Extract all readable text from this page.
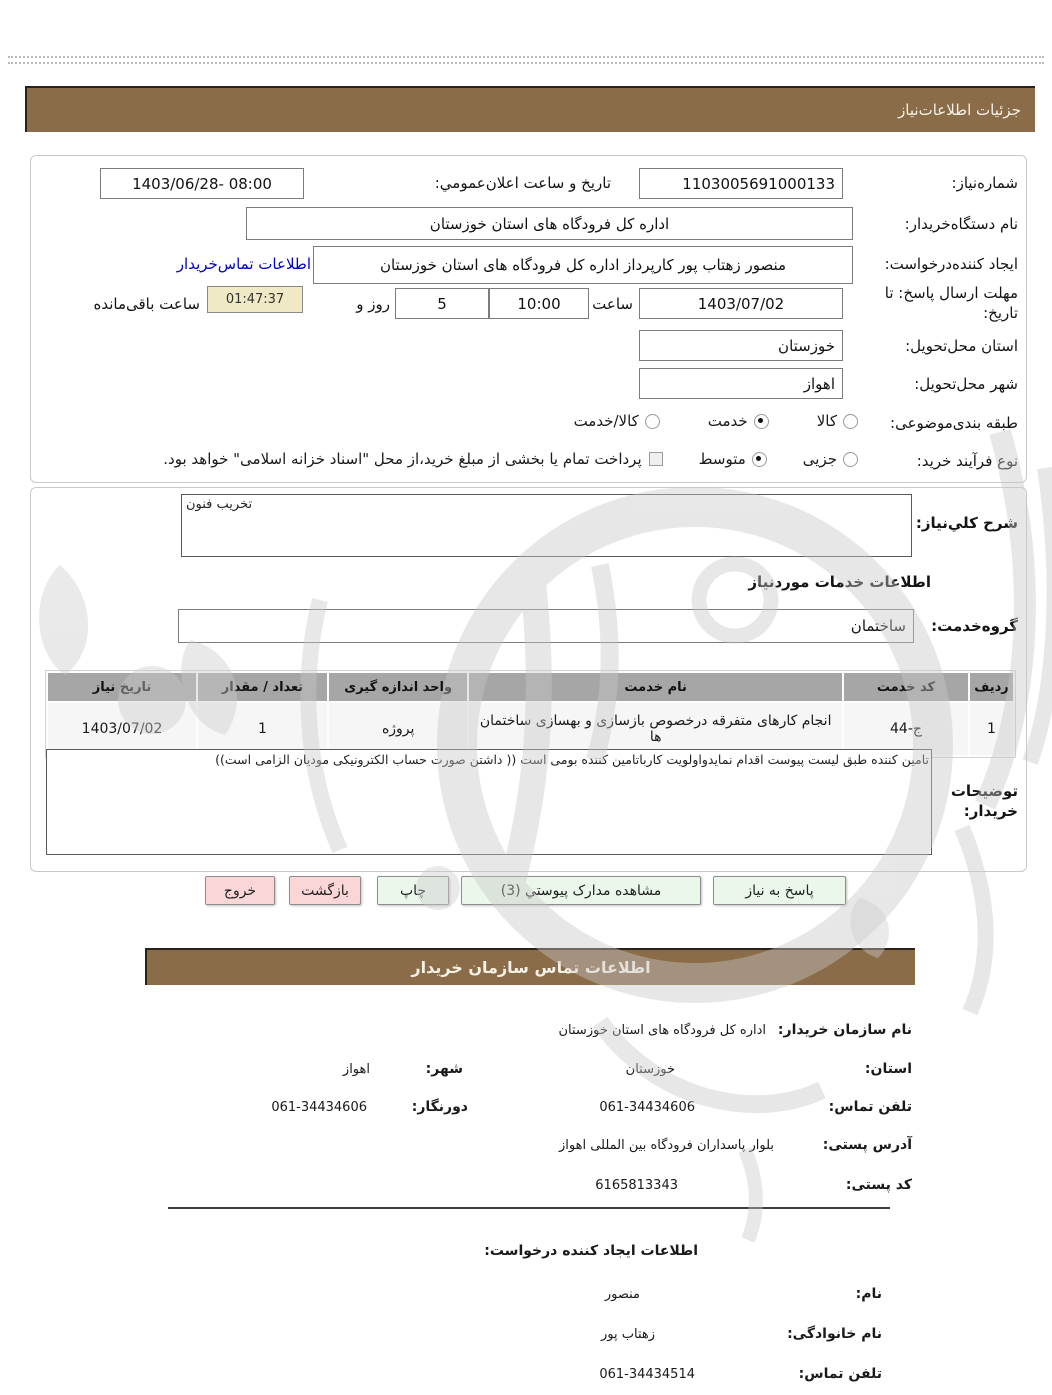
جزئیات اطلاعات‌نیاز
شماره‌نیاز:
1103005691000133
تاریخ و ساعت اعلان‌عمومي:
1403/06/28- 08:00
نام دستگاه‌خریدار:
اداره کل فرودگاه های استان خوزستان
ایجاد کننده‌درخواست:
منصور زهتاب پور کارپرداز اداره کل فرودگاه های استان خوزستان
اطلاعات تماس‌خریدار
مهلت ارسال پاسخ: تا تاریخ:
1403/07/02
ساعت
10:00
5
روز و
01:47:37
ساعت باقی‌مانده
استان محل‌تحویل:
خوزستان
شهر محل‌تحویل:
اهواز
طبقه بندی‌موضوعی:
کالا
خدمت
کالا/خدمت
نوع فرآیند خرید:
جزیی
متوسط
پرداخت تمام یا بخشی از مبلغ خرید،از محل "اسناد خزانه اسلامی" خواهد بود.
شرح کلي‌نیاز:
تخریب فنون
اطلاعات خدمات موردنیاز
گروه‌خدمت:
ساختمان
ردیف	کد خدمت	نام خدمت	واحد اندازه گیری	تعداد / مقدار	تاریخ نیاز
1	ج-44	انجام کارهای متفرقه درخصوص بازسازی و بهسازی ساختمان ها	پروژه	1	1403/07/02
توضیحات
خریدار:
تامین کننده طبق لیست پیوست اقدام نمایدواولویت کارباتامین کننده بومی است (( داشتن صورت حساب الکترونیکی مودیان الزامی است))
خروج	بازگشت	چاپ	مشاهده مدارک پیوستي (3)	پاسخ به نیاز
اطلاعات تماس سازمان خریدار
نام سازمان خریدار:
اداره کل فرودگاه های استان خوزستان
استان:
خوزستان
شهر:
اهواز
تلفن تماس:
061-34434606
دورنگار:
061-34434606
آدرس پستی:
بلوار پاسداران فرودگاه بین المللی اهواز
کد پستی:
6165813343
اطلاعات ایجاد کننده درخواست:
نام:
منصور
نام خانوادگی:
زهتاب پور
تلفن تماس:
061-34434514
